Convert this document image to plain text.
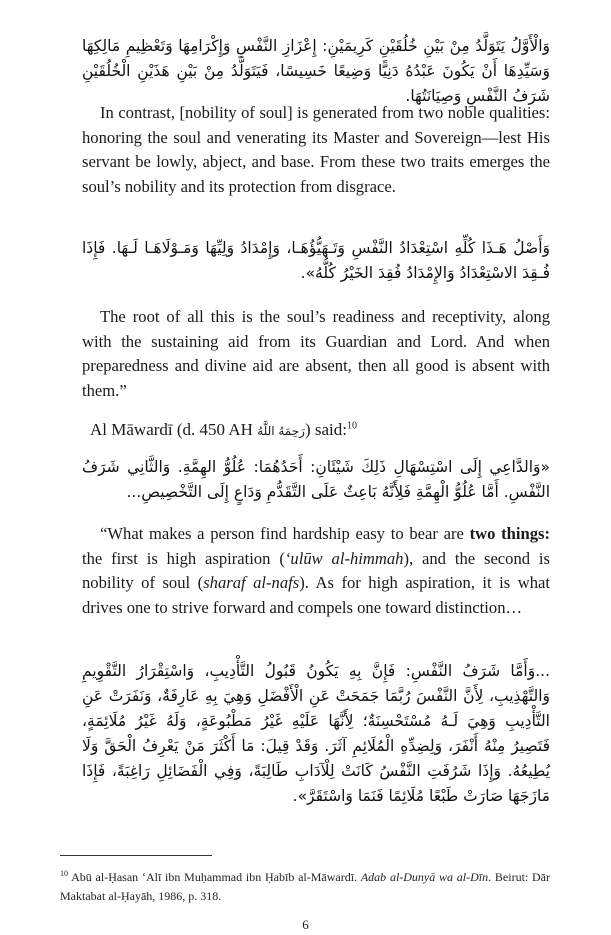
وَالْأَوَّلُ يَتَوَلَّدُ مِنْ بَيْنِ خُلُقَيْنِ كَرِيمَيْنِ: إِعْزَازِ النَّفْسِ وَإِكْرَامِهَا وَتَعْظِيمِ مَالِكِهَا وَسَيِّدِهَا أَنْ يَكُونَ عَبْدُهُ دَنِيًّا وَضِيعًا خَسِيسًا، فَيَتَوَلَّدُ مِنْ بَيْنِ هَذَيْنِ الْخُلُقَيْنِ شَرَفُ النَّفْسِ وَصِيَانَتُهَا.

In contrast, [nobility of soul] is generated from two noble qualities: honoring the soul and venerating its Master and Sovereign—lest His servant be lowly, abject, and base. From these two traits emerges the soul’s nobility and its protection from disgrace.

وَأَصْلُ هَـذَا كُلِّهِ اسْتِعْدَادُ النَّفْسِ وَتَـهَيُّؤُهَـا، وَإِمْدَادُ وَلِيِّهَا وَمَـوْلَاهَـا لَـهَا. فَإِذَا فُـقِدَ الاسْتِعْدَادُ وَالإِمْدَادُ فُقِدَ الخَيْرُ كُلُّهُ».

The root of all this is the soul’s readiness and receptivity, along with the sustaining aid from its Guardian and Lord. And when preparedness and divine aid are absent, then all good is absent with them.”

Al Māwardī (d. 450 AH رَحِمَهُ اللَّهُ) said:$^{10}$

«وَالدَّاعِي إِلَى اسْتِسْهَالِ ذَلِكَ شَيْئَانِ: أَحَدُهُمَا: عُلُوُّ الهِمَّةِ. وَالثَّانِي شَرَفُ النَّفْسِ. أَمَّا عُلُوُّ الْهِمَّةِ فَلِأَنَّهُ بَاعِثٌ عَلَى التَّقَدُّمِ وَدَاعٍ إِلَى التَّخْصِيصِ...

“What makes a person find hardship easy to bear are two things: the first is high aspiration (‘ulūw al-himmah), and the second is nobility of soul (sharaf al-nafs). As for high aspiration, it is what drives one to strive forward and compels one toward distinction…

...وَأَمَّا شَرَفُ النَّفْسِ: فَإِنَّ بِهِ يَكُونُ قَبُولُ التَّأْدِيبِ، وَاسْتِقْرَارُ التَّقْوِيمِ وَالتَّهْذِيبِ، لِأَنَّ النَّفْسَ رُبَّمَا جَمَحَتْ عَنِ الْأَفْضَلِ وَهِيَ بِهِ عَارِفَةٌ، وَنَفَرَتْ عَنِ التَّأْدِيبِ وَهِيَ لَـهُ مُسْتَحْسِنَةٌ؛ لِأَنَّهَا عَلَيْهِ غَيْرُ مَطْبُوعَةٍ، وَلَهُ غَيْرُ مُلَائِمَةٍ، فَتَصِيرُ مِنْهُ أَنْفَرَ، وَلِضِدِّهِ الْمُلَائِمِ آثَرَ. وَقَدْ قِيلَ: مَا أَكْثَرَ مَنْ يَعْرِفُ الْحَقَّ وَلَا يُطِيعُهُ. وَإِذَا شَرُفَتِ النَّفْسُ كَانَتْ لِلْآدَابِ طَالِبَةً، وَفِي الْفَضَائِلِ رَاغِبَةً، فَإِذَا مَازَجَهَا صَارَتْ طَبْعًا مُلَائِمًا فَنَمَا وَاسْتَقَرَّ».

$^{10}$ Abū al-Ḥasan ‘Alī ibn Muḥammad ibn Ḥabīb al-Māwardī. Adab al-Dunyā wa al-Dīn. Beirut: Dār Maktabat al-Ḥayāh, 1986, p. 318.

6
